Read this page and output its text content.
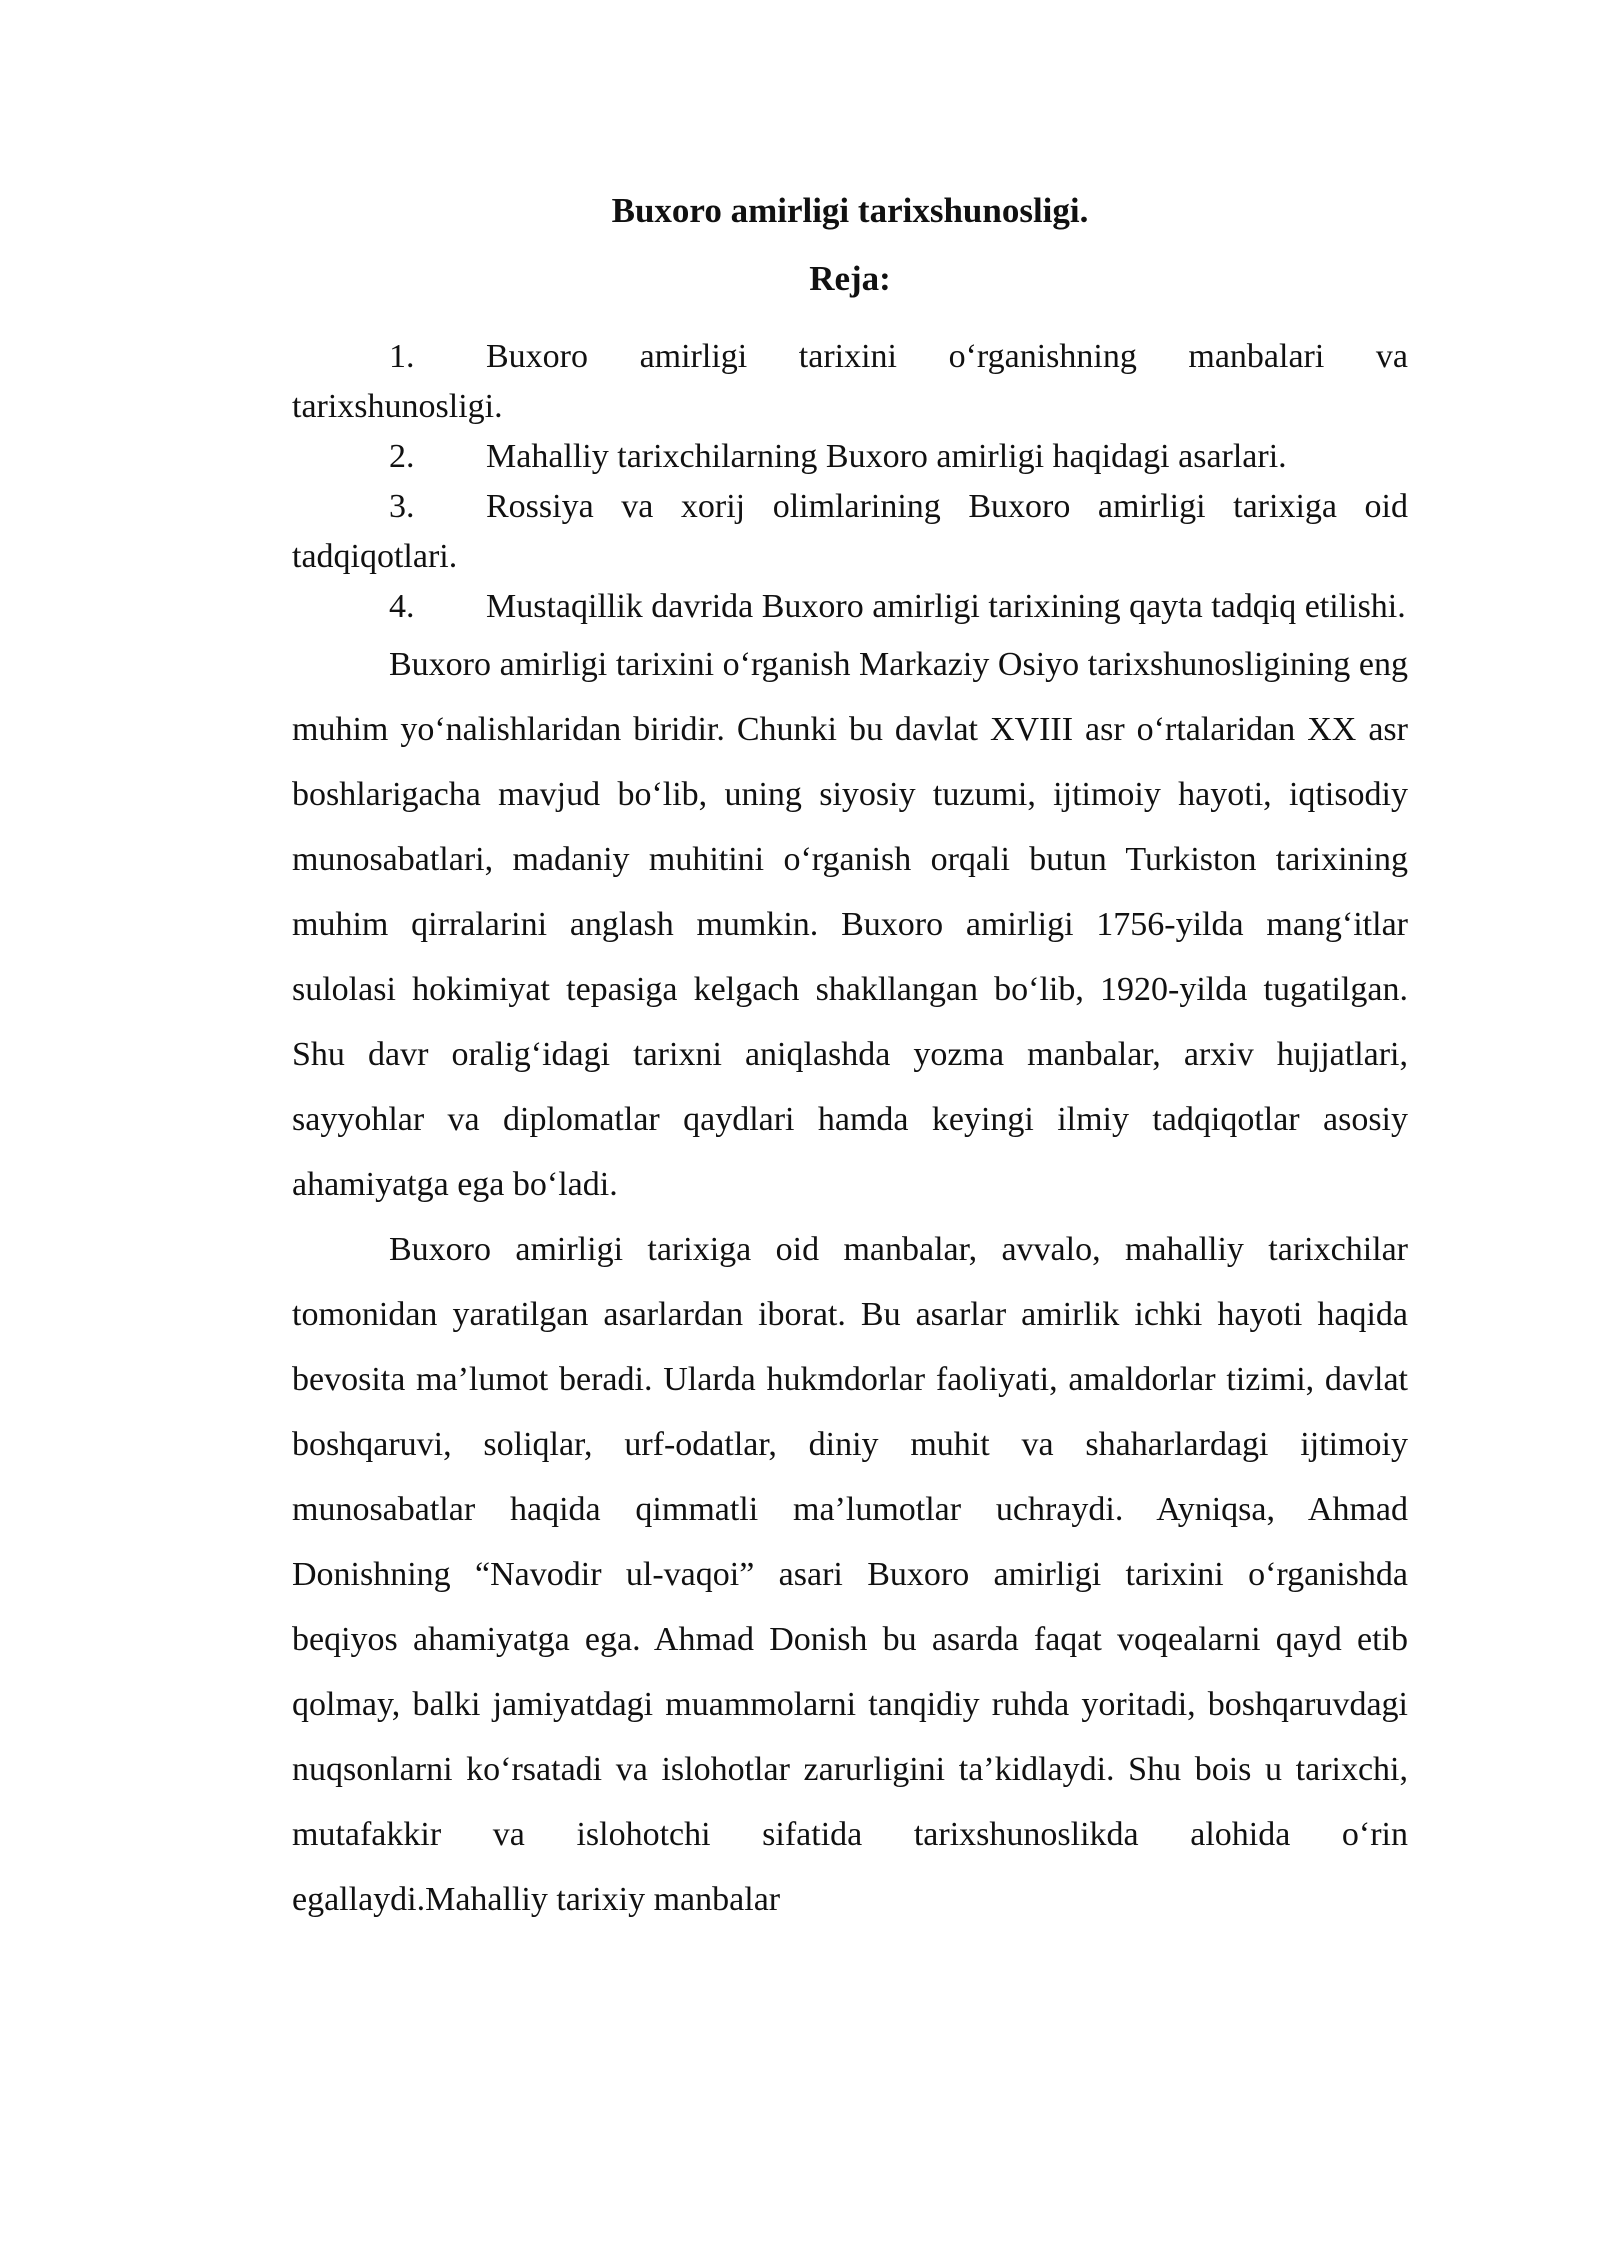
Buxoro amirligi tarixshunosligi.
Reja:
1. Buxoro amirligi tarixini o‘rganishning manbalari va tarixshunosligi.
2. Mahalliy tarixchilarning Buxoro amirligi haqidagi asarlari.
3. Rossiya va xorij olimlarining Buxoro amirligi tarixiga oid tadqiqotlari.
4. Mustaqillik davrida Buxoro amirligi tarixining qayta tadqiq etilishi.

Buxoro amirligi tarixini o‘rganish Markaziy Osiyo tarixshunosligining eng muhim yo‘nalishlaridan biridir. Chunki bu davlat XVIII asr o‘rtalaridan XX asr boshlarigacha mavjud bo‘lib, uning siyosiy tuzumi, ijtimoiy hayoti, iqtisodiy munosabatlari, madaniy muhitini o‘rganish orqali butun Turkiston tarixining muhim qirralarini anglash mumkin. Buxoro amirligi 1756-yilda mang‘itlar sulolasi hokimiyat tepasiga kelgach shakllangan bo‘lib, 1920-yilda tugatilgan. Shu davr oralig‘idagi tarixni aniqlashda yozma manbalar, arxiv hujjatlari, sayyohlar va diplomatlar qaydlari hamda keyingi ilmiy tadqiqotlar asosiy ahamiyatga ega bo‘ladi.

Buxoro amirligi tarixiga oid manbalar, avvalo, mahalliy tarixchilar tomonidan yaratilgan asarlardan iborat. Bu asarlar amirlik ichki hayoti haqida bevosita ma’lumot beradi. Ularda hukmdorlar faoliyati, amaldorlar tizimi, davlat boshqaruvi, soliqlar, urf-odatlar, diniy muhit va shaharlardagi ijtimoiy munosabatlar haqida qimmatli ma’lumotlar uchraydi. Ayniqsa, Ahmad Donishning “Navodir ul-vaqoi” asari Buxoro amirligi tarixini o‘rganishda beqiyos ahamiyatga ega. Ahmad Donish bu asarda faqat voqealarni qayd etib qolmay, balki jamiyatdagi muammolarni tanqidiy ruhda yoritadi, boshqaruvdagi nuqsonlarni ko‘rsatadi va islohotlar zarurligini ta’kidlaydi. Shu bois u tarixchi, mutafakkir va islohotchi sifatida tarixshunoslikda alohida o‘rin egallaydi.Mahalliy tarixiy manbalar
